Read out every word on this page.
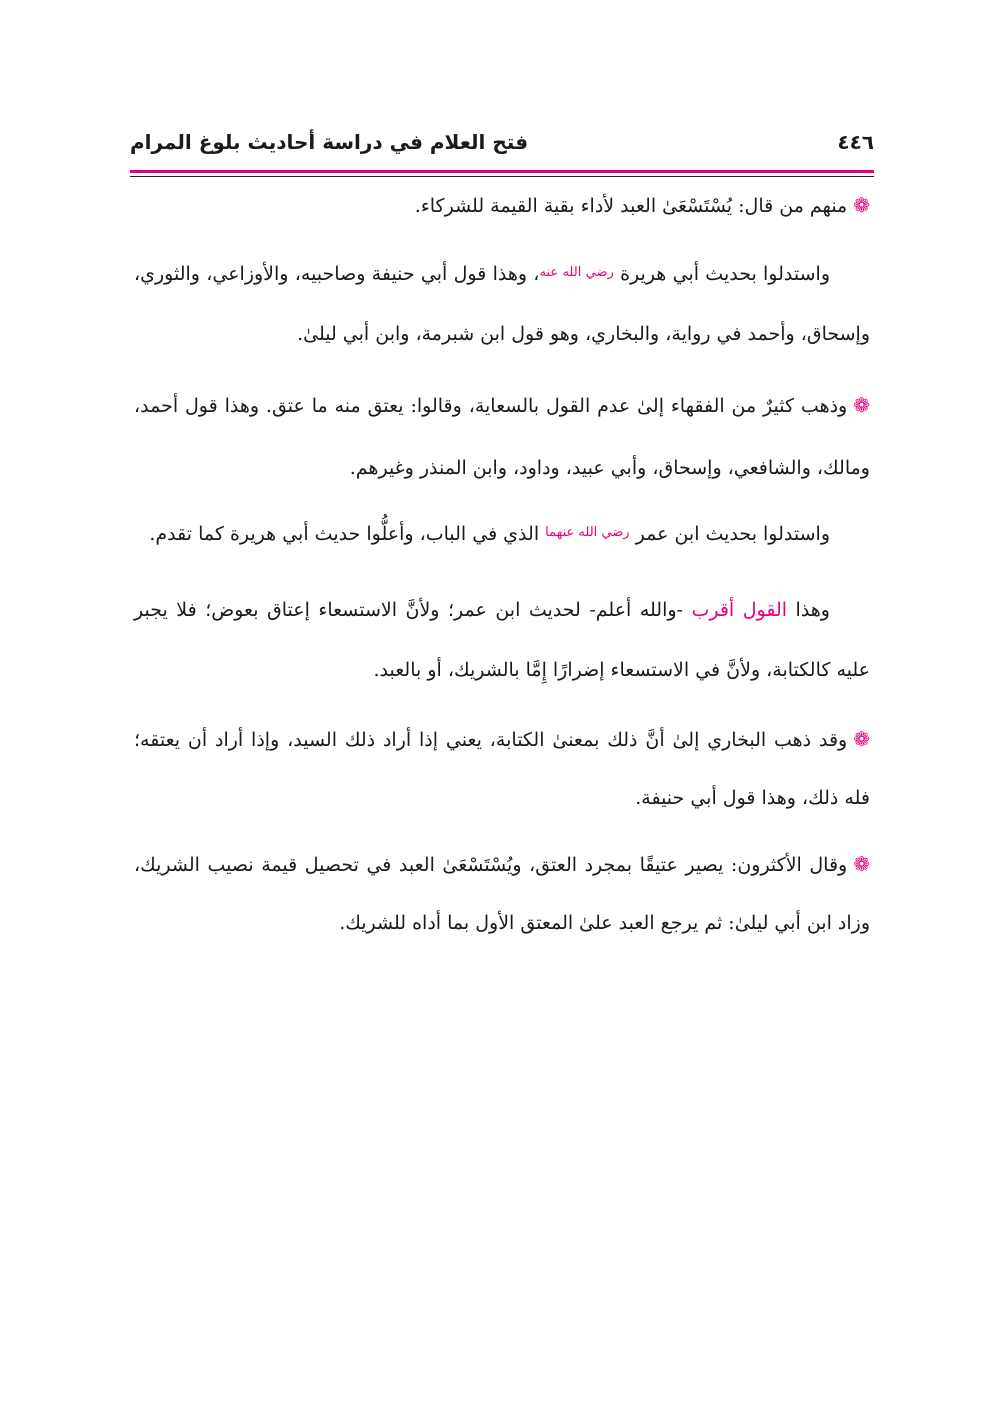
فتح العلام في دراسة أحاديث بلوغ المرام	٤٤٦

❁منهم من قال: يُسْتَسْعَىٰ العبد لأداء بقية القيمة للشركاء.

واستدلوا بحديث أبي هريرة $^{رضي الله عنه}$، وهذا قول أبي حنيفة وصاحبيه، والأوزاعي، والثوري، وإسحاق، وأحمد في رواية، والبخاري، وهو قول ابن شبرمة، وابن أبي ليلىٰ.

❁وذهب كثيرٌ من الفقهاء إلىٰ عدم القول بالسعاية، وقالوا: يعتق منه ما عتق. وهذا قول أحمد، ومالك، والشافعي، وإسحاق، وأبي عبيد، وداود، وابن المنذر وغيرهم.

واستدلوا بحديث ابن عمر $^{رضي الله عنهما}$ الذي في الباب، وأعلُّوا حديث أبي هريرة كما تقدم.

وهذا القول أقرب -والله أعلم- لحديث ابن عمر؛ ولأنَّ الاستسعاء إعتاق بعوض؛ فلا يجبر عليه كالكتابة، ولأنَّ في الاستسعاء إضرارًا إِمَّا بالشريك، أو بالعبد.

❁وقد ذهب البخاري إلىٰ أنَّ ذلك بمعنىٰ الكتابة، يعني إذا أراد ذلك السيد، وإذا أراد أن يعتقه؛ فله ذلك، وهذا قول أبي حنيفة.

❁وقال الأكثرون: يصير عتيقًا بمجرد العتق، ويُسْتَسْعَىٰ العبد في تحصيل قيمة نصيب الشريك، وزاد ابن أبي ليلىٰ: ثم يرجع العبد علىٰ المعتق الأول بما أداه للشريك.
